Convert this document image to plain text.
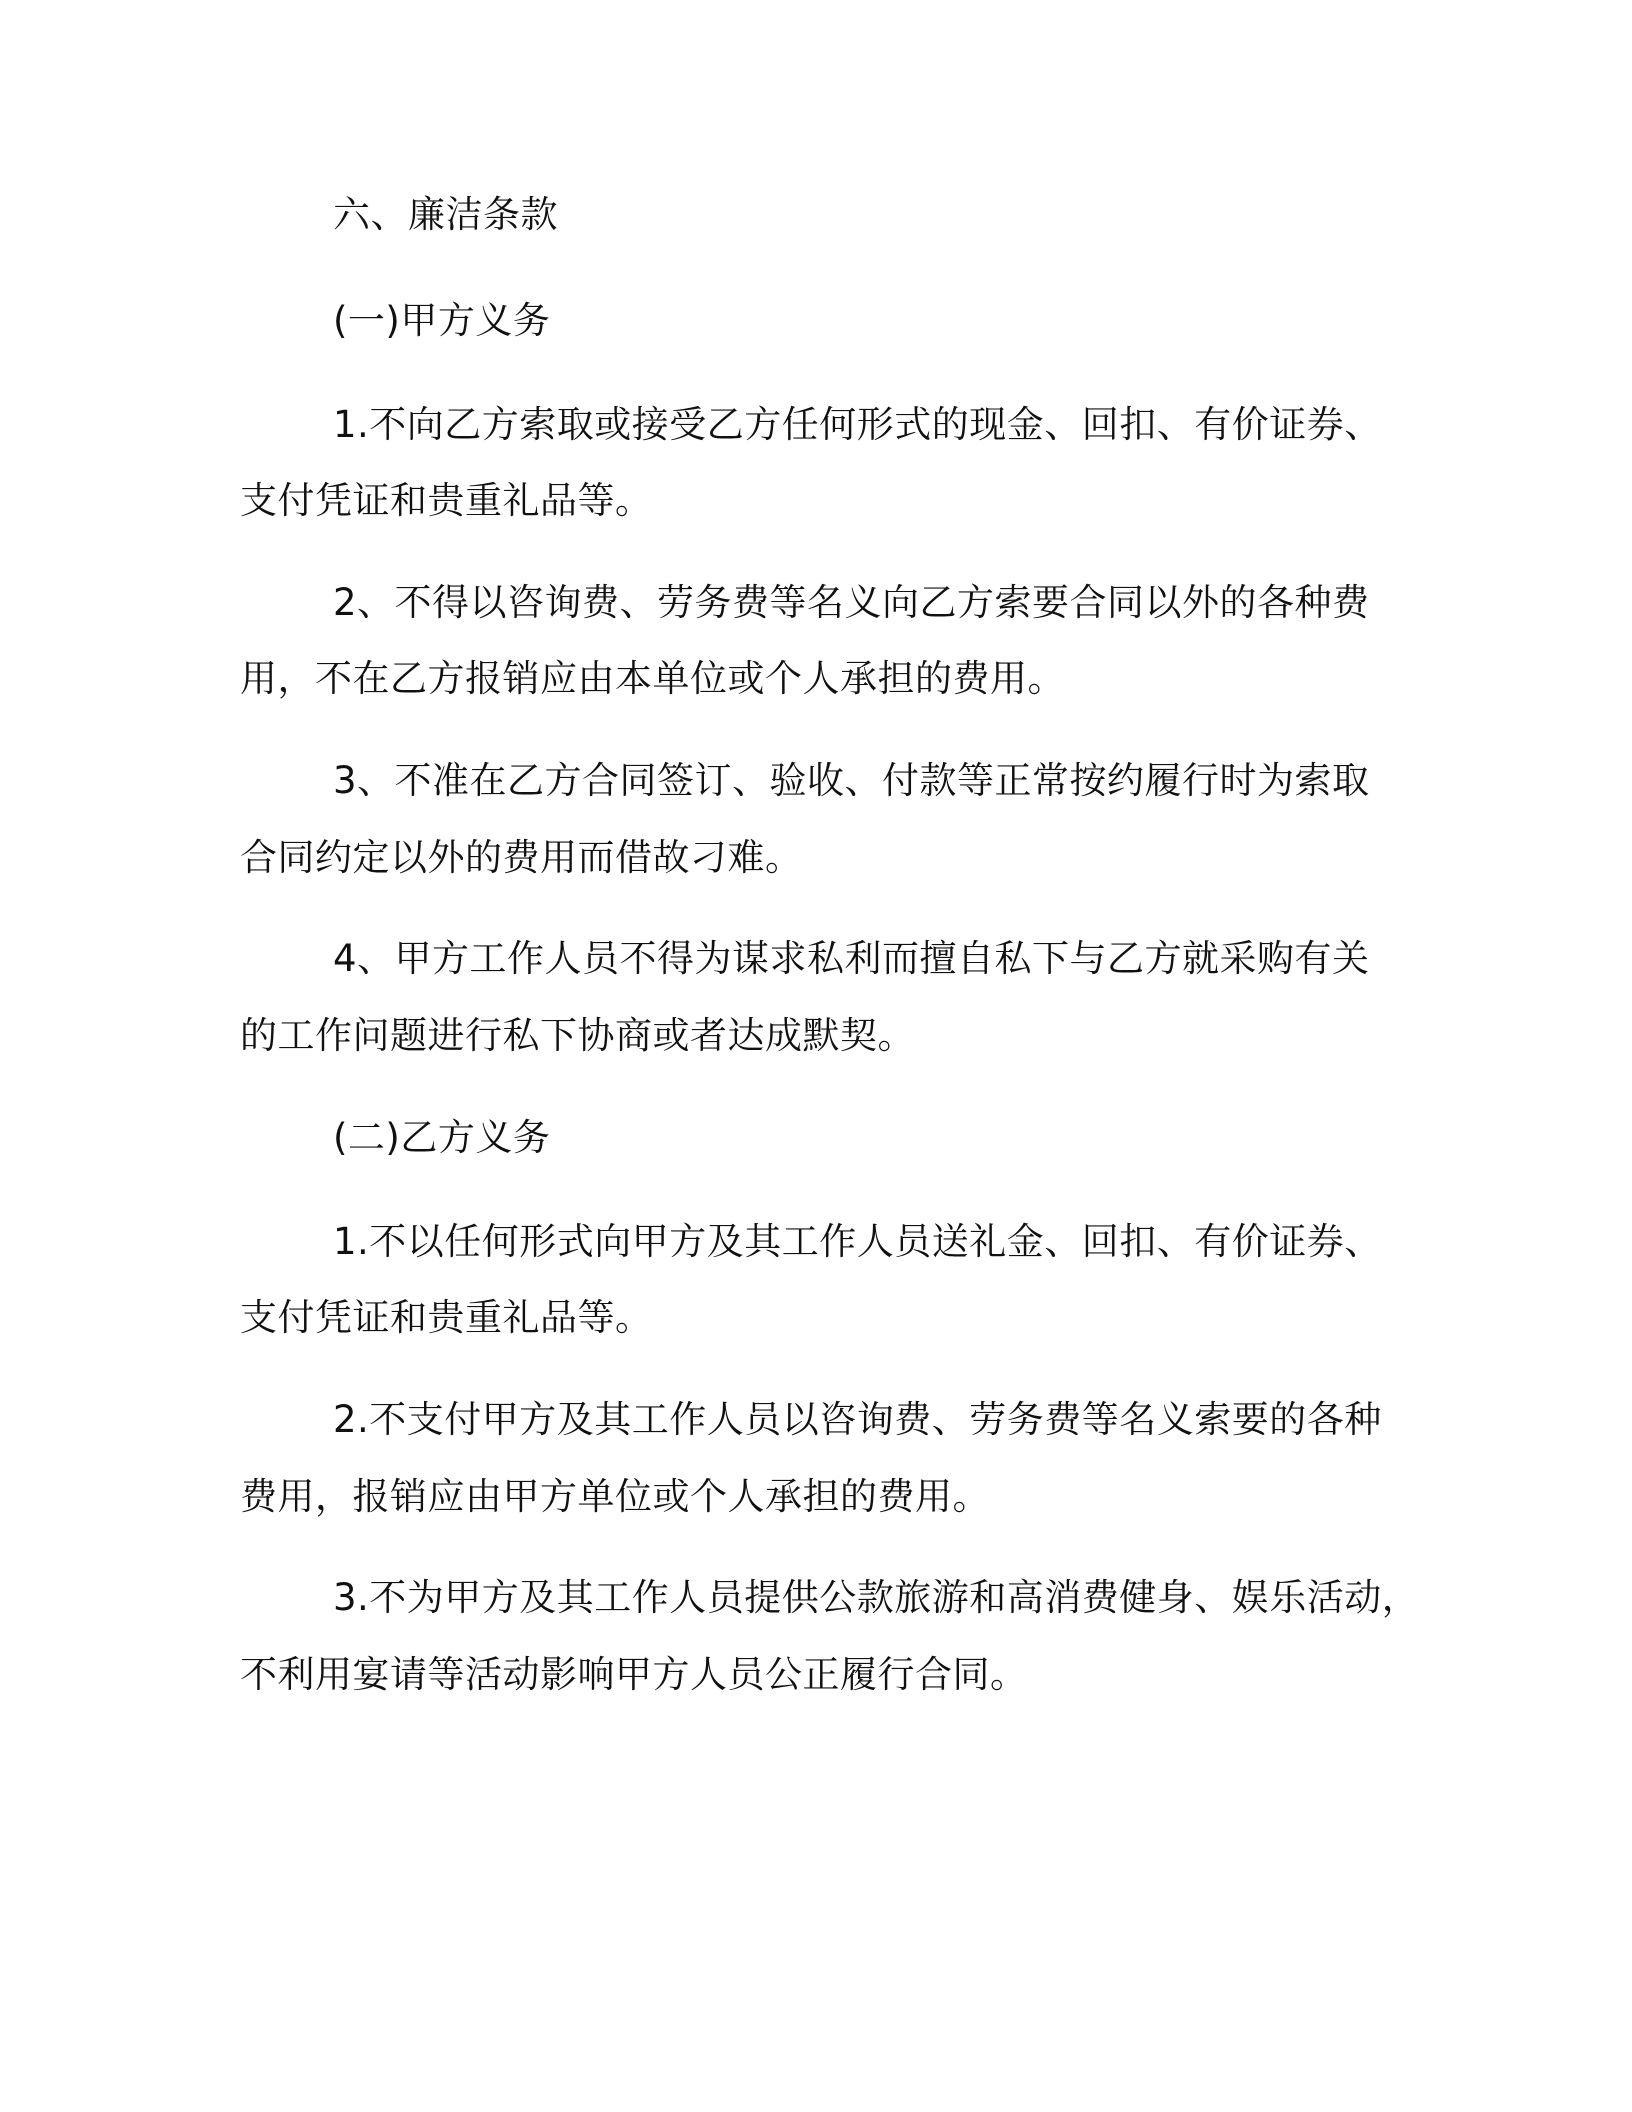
六、廉洁条款
(一)甲方义务
1.不向乙方索取或接受乙方任何形式的现金、回扣、有价证券、
支付凭证和贵重礼品等。
2、不得以咨询费、劳务费等名义向乙方索要合同以外的各种费
用，不在乙方报销应由本单位或个人承担的费用。
3、不准在乙方合同签订、验收、付款等正常按约履行时为索取
合同约定以外的费用而借故刁难。
4、甲方工作人员不得为谋求私利而擅自私下与乙方就采购有关
的工作问题进行私下协商或者达成默契。
(二)乙方义务
1.不以任何形式向甲方及其工作人员送礼金、回扣、有价证券、
支付凭证和贵重礼品等。
2.不支付甲方及其工作人员以咨询费、劳务费等名义索要的各种
费用，报销应由甲方单位或个人承担的费用。
3.不为甲方及其工作人员提供公款旅游和高消费健身、娱乐活动，
不利用宴请等活动影响甲方人员公正履行合同。
